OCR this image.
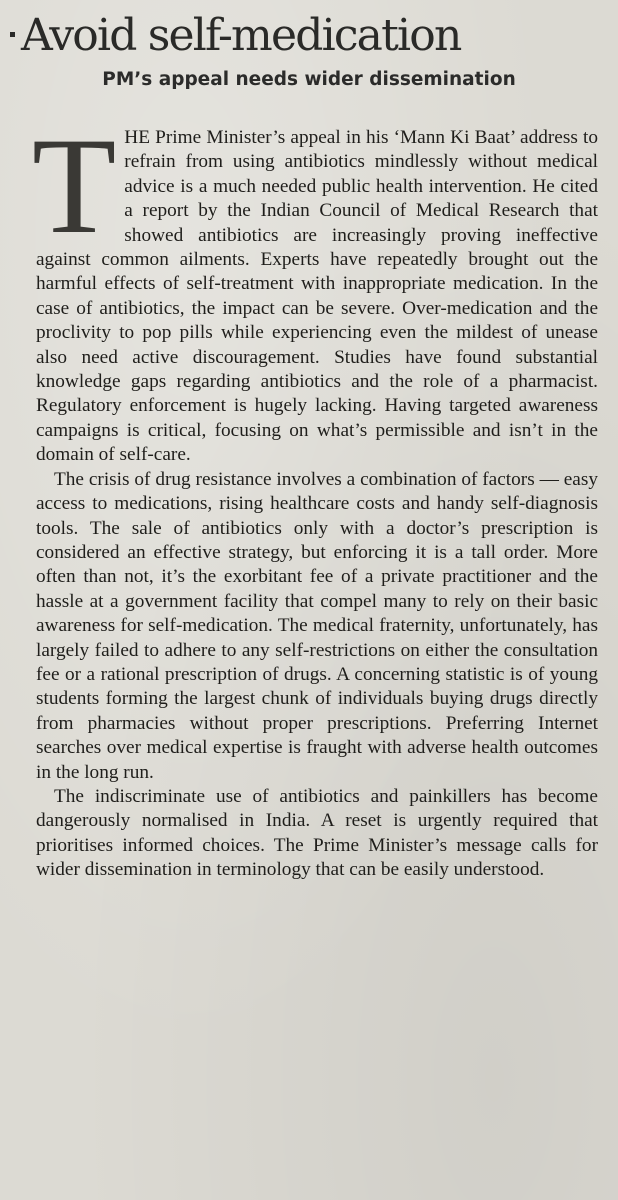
Avoid self-medication
PM’s appeal needs wider dissemination

THE Prime Minister’s appeal in his ‘Mann Ki Baat’ address to refrain from using antibiotics mindlessly without medical advice is a much needed public health intervention. He cited a report by the Indian Council of Medical Research that showed antibiotics are increasingly proving ineffective against common ailments. Experts have repeatedly brought out the harmful effects of self-treatment with inappropriate medication. In the case of antibiotics, the impact can be severe. Over-medication and the proclivity to pop pills while experiencing even the mildest of unease also need active discouragement. Studies have found substantial knowledge gaps regarding antibiotics and the role of a pharmacist. Regulatory enforcement is hugely lacking. Having targeted awareness campaigns is critical, focusing on what’s permissible and isn’t in the domain of self-care.

The crisis of drug resistance involves a combination of factors — easy access to medications, rising healthcare costs and handy self-diagnosis tools. The sale of antibiotics only with a doctor’s prescription is considered an effective strategy, but enforcing it is a tall order. More often than not, it’s the exorbitant fee of a private practitioner and the hassle at a government facility that compel many to rely on their basic awareness for self-medication. The medical fraternity, unfortunately, has largely failed to adhere to any self-restrictions on either the consultation fee or a rational prescription of drugs. A concerning statistic is of young students forming the largest chunk of individuals buying drugs directly from pharmacies without proper prescriptions. Preferring Internet searches over medical expertise is fraught with adverse health outcomes in the long run.

The indiscriminate use of antibiotics and painkillers has become dangerously normalised in India. A reset is urgently required that prioritises informed choices. The Prime Minister’s message calls for wider dissemination in terminology that can be easily understood.
